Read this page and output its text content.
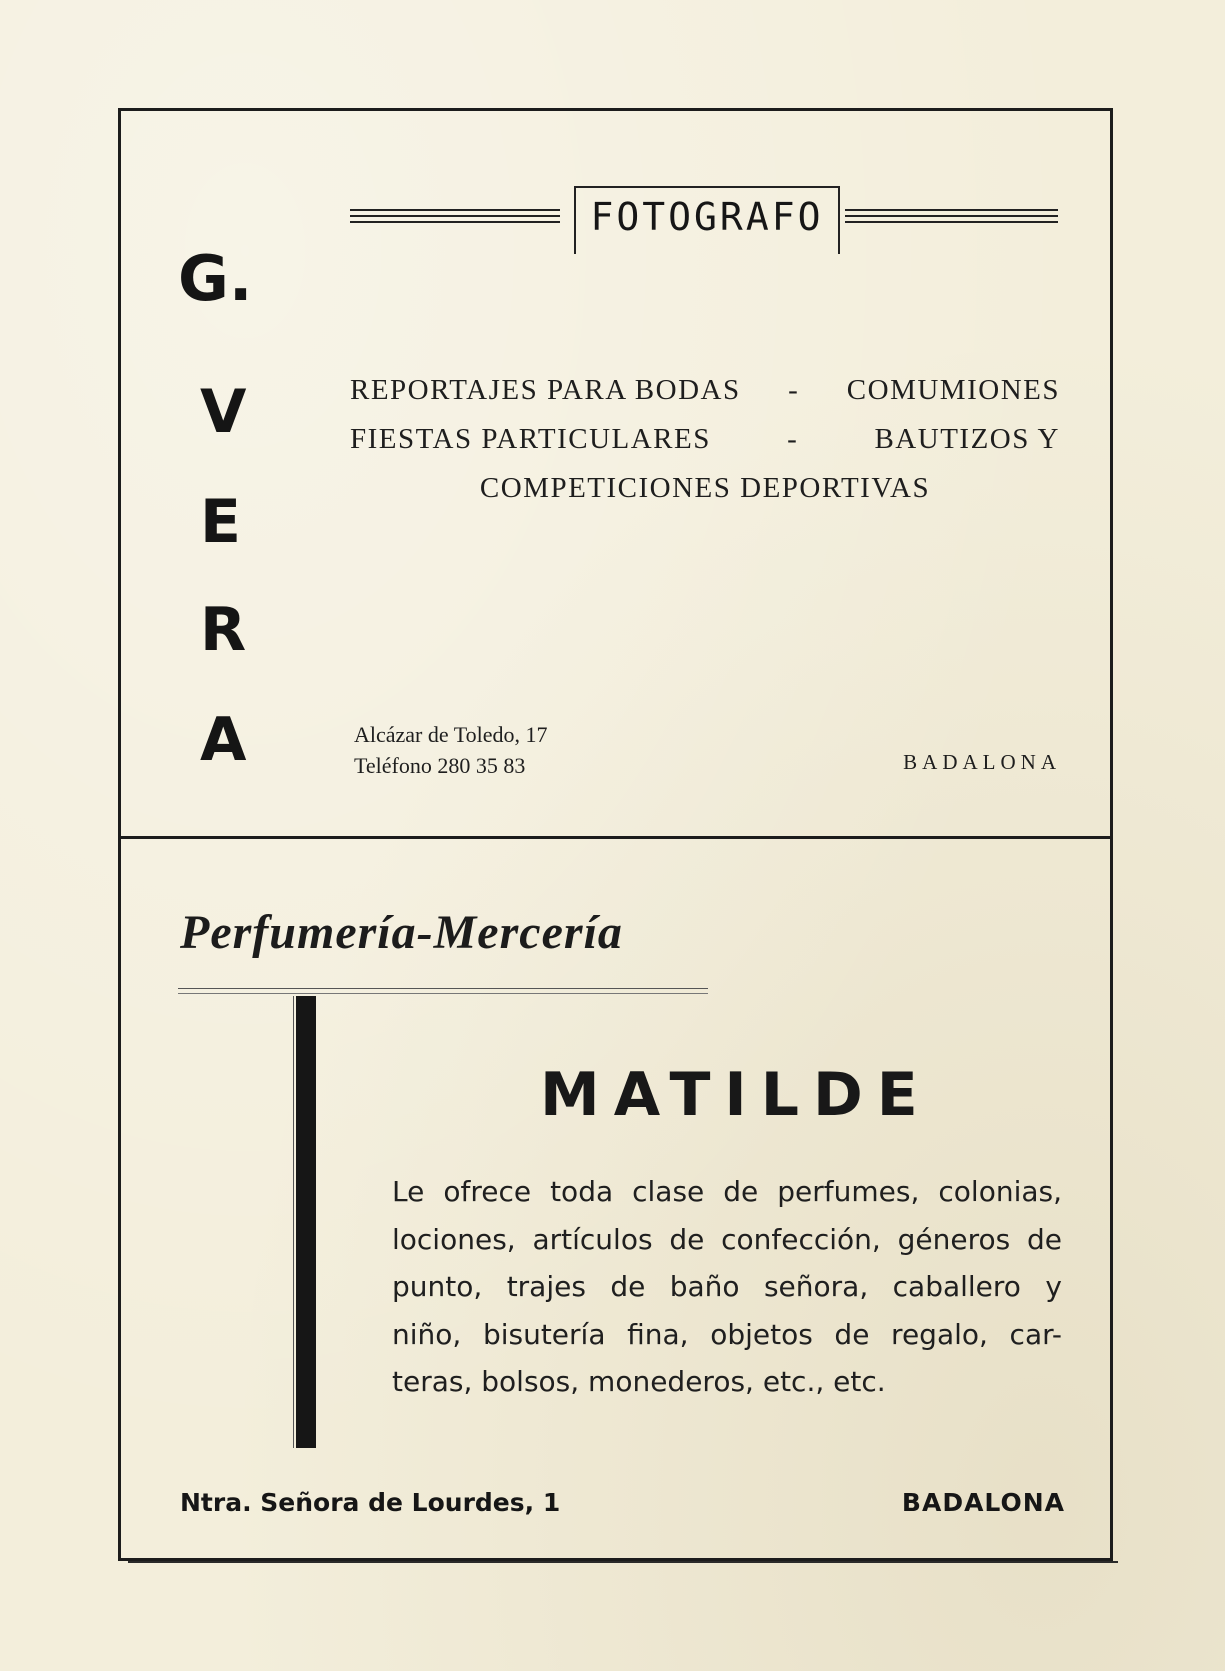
G.
V
E
R
A
FOTOGRAFO
REPORTAJES PARA BODAS - COMUMIONES
FIESTAS PARTICULARES	-	BAUTIZOS Y
COMPETICIONES DEPORTIVAS
Alcázar de Toledo, 17
Teléfono 280 35 83	BADALONA
Perfumería-Mercería
MATILDE
Le ofrece toda clase de perfumes, colonias,
lociones, artículos de confección, géneros de
punto, trajes de baño señora, caballero y
niño, bisutería fina, objetos de regalo, car-
teras, bolsos, monederos, etc., etc.
Ntra. Señora de Lourdes, 1	BADALONA
